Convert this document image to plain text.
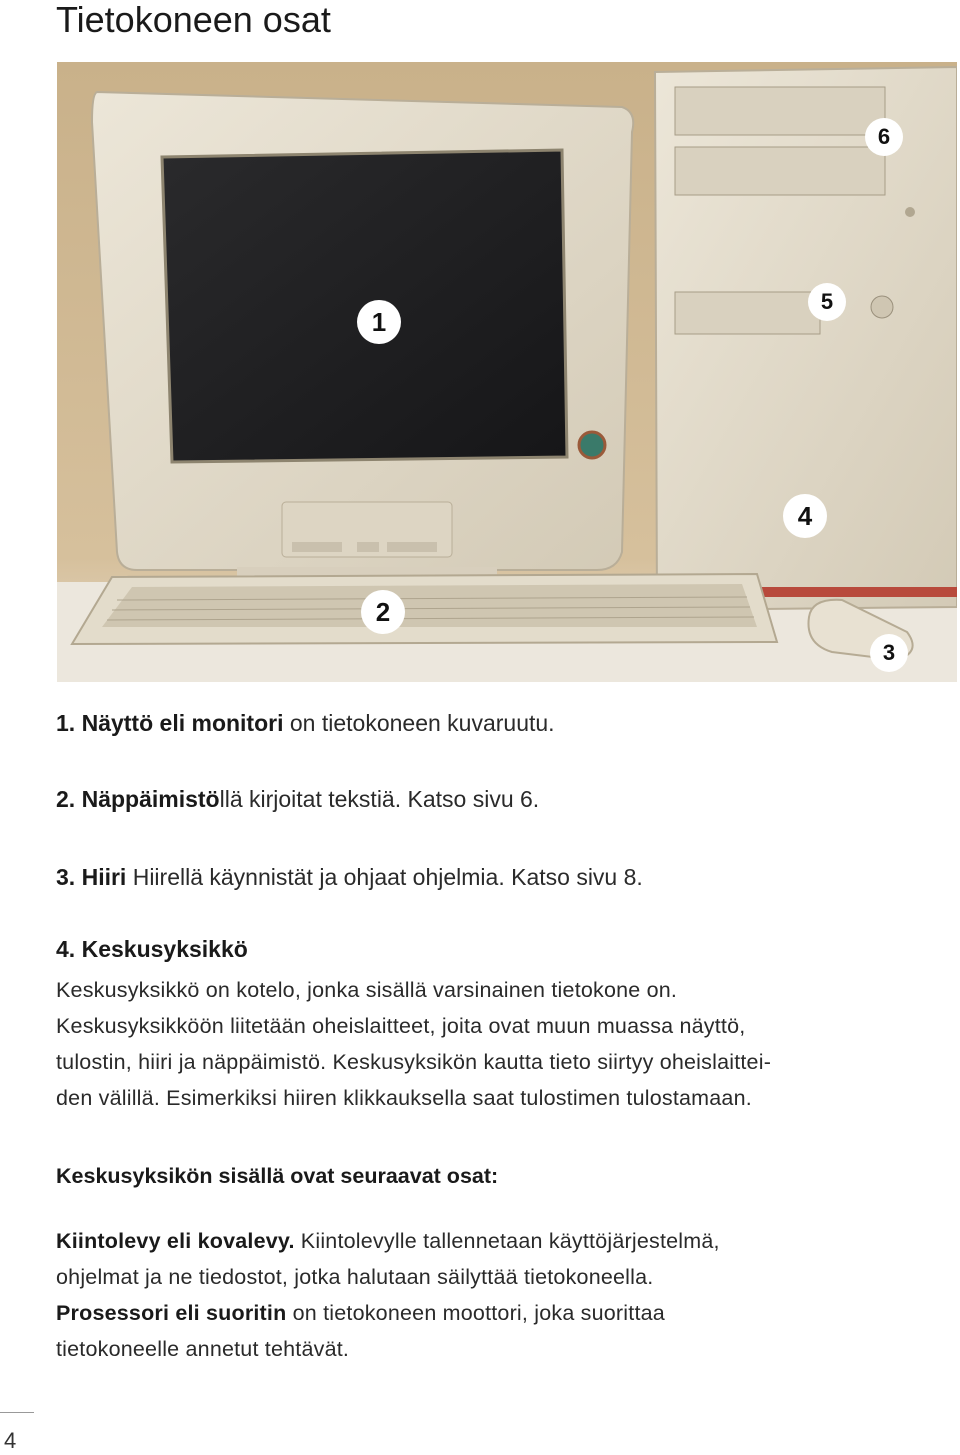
Tietokoneen osat
1
2
3
4
5
6

1. Näyttö eli monitori on tietokoneen kuvaruutu.

2. Näppäimistöllä kirjoitat tekstiä. Katso sivu 6.

3. Hiiri Hiirellä käynnistät ja ohjaat ohjelmia. Katso sivu 8.

4. Keskusyksikkö

Keskusyksikkö on kotelo, jonka sisällä varsinainen tietokone on.
Keskusyksikköön liitetään oheislaitteet, joita ovat muun muassa näyttö,
tulostin, hiiri ja näppäimistö. Keskusyksikön kautta tieto siirtyy oheislaittei-
den välillä. Esimerkiksi hiiren klikkauksella saat tulostimen tulostamaan.

Keskusyksikön sisällä ovat seuraavat osat:

Kiintolevy eli kovalevy. Kiintolevylle tallennetaan käyttöjärjestelmä,
ohjelmat ja ne tiedostot, jotka halutaan säilyttää tietokoneella.
Prosessori eli suoritin on tietokoneen moottori, joka suorittaa
tietokoneelle annetut tehtävät.
4
